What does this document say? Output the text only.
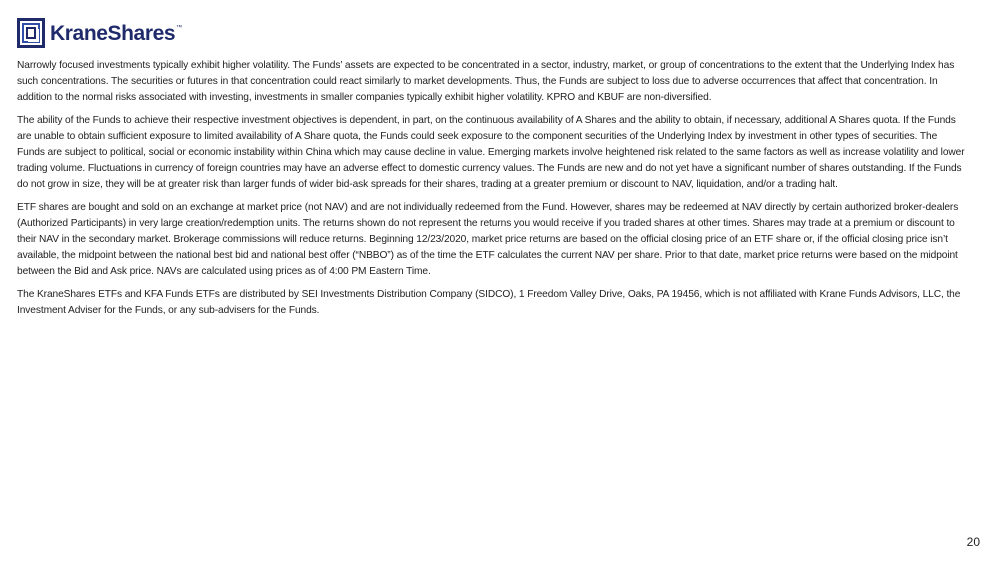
KraneShares™

Narrowly focused investments typically exhibit higher volatility. The Funds’ assets are expected to be concentrated in a sector, industry, market, or group of concentrations to the extent that the Underlying Index has such concentrations. The securities or futures in that concentration could react similarly to market developments. Thus, the Funds are subject to loss due to adverse occurrences that affect that concentration. In addition to the normal risks associated with investing, investments in smaller companies typically exhibit higher volatility. KPRO and KBUF are non-diversified.

The ability of the Funds to achieve their respective investment objectives is dependent, in part, on the continuous availability of A Shares and the ability to obtain, if necessary, additional A Shares quota. If the Funds are unable to obtain sufficient exposure to limited availability of A Share quota, the Funds could seek exposure to the component securities of the Underlying Index by investment in other types of securities. The Funds are subject to political, social or economic instability within China which may cause decline in value. Emerging markets involve heightened risk related to the same factors as well as increase volatility and lower trading volume. Fluctuations in currency of foreign countries may have an adverse effect to domestic currency values. The Funds are new and do not yet have a significant number of shares outstanding. If the Funds do not grow in size, they will be at greater risk than larger funds of wider bid-ask spreads for their shares, trading at a greater premium or discount to NAV, liquidation, and/or a trading halt.

ETF shares are bought and sold on an exchange at market price (not NAV) and are not individually redeemed from the Fund. However, shares may be redeemed at NAV directly by certain authorized broker-dealers (Authorized Participants) in very large creation/redemption units. The returns shown do not represent the returns you would receive if you traded shares at other times. Shares may trade at a premium or discount to their NAV in the secondary market. Brokerage commissions will reduce returns. Beginning 12/23/2020, market price returns are based on the official closing price of an ETF share or, if the official closing price isn’t available, the midpoint between the national best bid and national best offer (“NBBO”) as of the time the ETF calculates the current NAV per share. Prior to that date, market price returns were based on the midpoint between the Bid and Ask price. NAVs are calculated using prices as of 4:00 PM Eastern Time.

The KraneShares ETFs and KFA Funds ETFs are distributed by SEI Investments Distribution Company (SIDCO), 1 Freedom Valley Drive, Oaks, PA 19456, which is not affiliated with Krane Funds Advisors, LLC, the Investment Adviser for the Funds, or any sub-advisers for the Funds.

20
